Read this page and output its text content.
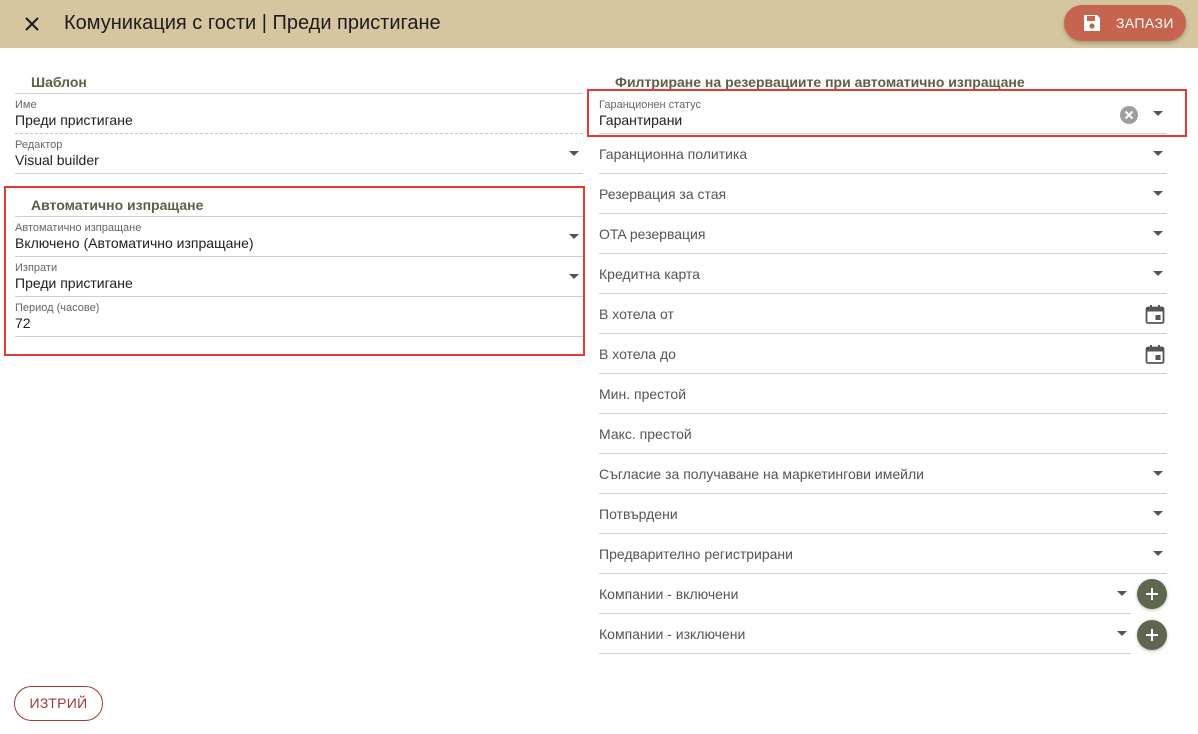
Комуникация с гости | Преди пристигане	ЗАПАЗИ
Шаблон
Име
Преди пристигане
Редактор
Visual builder
Автоматично изпращане
Автоматично изпращане
Включено (Автоматично изпращане)
Изпрати
Преди пристигане
Период (часове)
72
Филтриране на резервациите при автоматично изпращане
Гаранционен статус
Гарантирани
Гаранционна политика
Резервация за стая
OTA резервация
Кредитна карта
В хотела от
В хотела до
Мин. престой
Макс. престой
Съгласие за получаване на маркетингови имейли
Потвърдени
Предварително регистрирани
Компании - включени
Компании - изключени
ИЗТРИЙ
